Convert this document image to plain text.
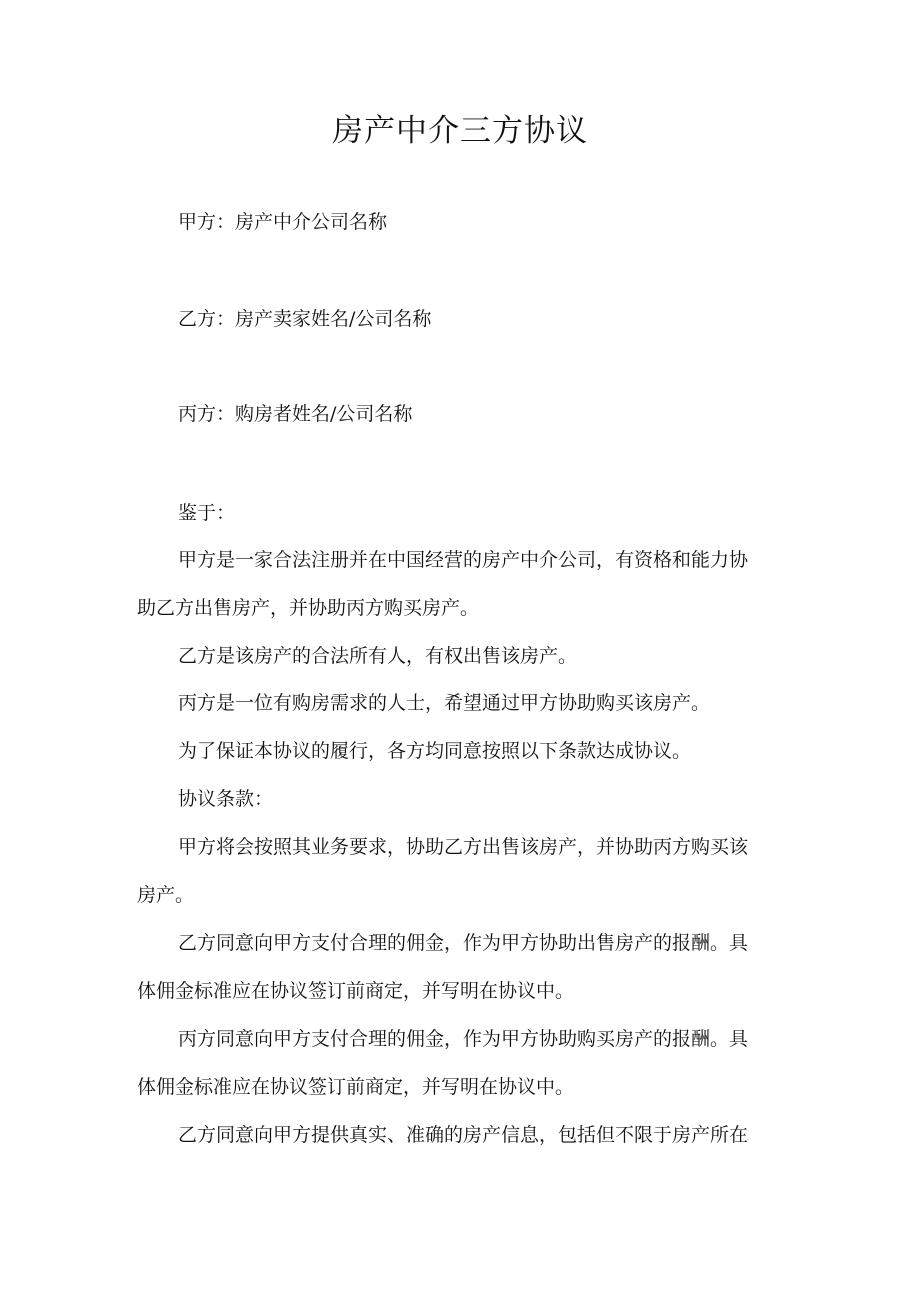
房产中介三方协议

甲方：房产中介公司名称

乙方：房产卖家姓名/公司名称

丙方：购房者姓名/公司名称

鉴于：

甲方是一家合法注册并在中国经营的房产中介公司，有资格和能力协

助乙方出售房产，并协助丙方购买房产。

乙方是该房产的合法所有人，有权出售该房产。

丙方是一位有购房需求的人士，希望通过甲方协助购买该房产。

为了保证本协议的履行，各方均同意按照以下条款达成协议。

协议条款：

甲方将会按照其业务要求，协助乙方出售该房产，并协助丙方购买该

房产。

乙方同意向甲方支付合理的佣金，作为甲方协助出售房产的报酬。具

体佣金标准应在协议签订前商定，并写明在协议中。

丙方同意向甲方支付合理的佣金，作为甲方协助购买房产的报酬。具

体佣金标准应在协议签订前商定，并写明在协议中。

乙方同意向甲方提供真实、准确的房产信息，包括但不限于房产所在
